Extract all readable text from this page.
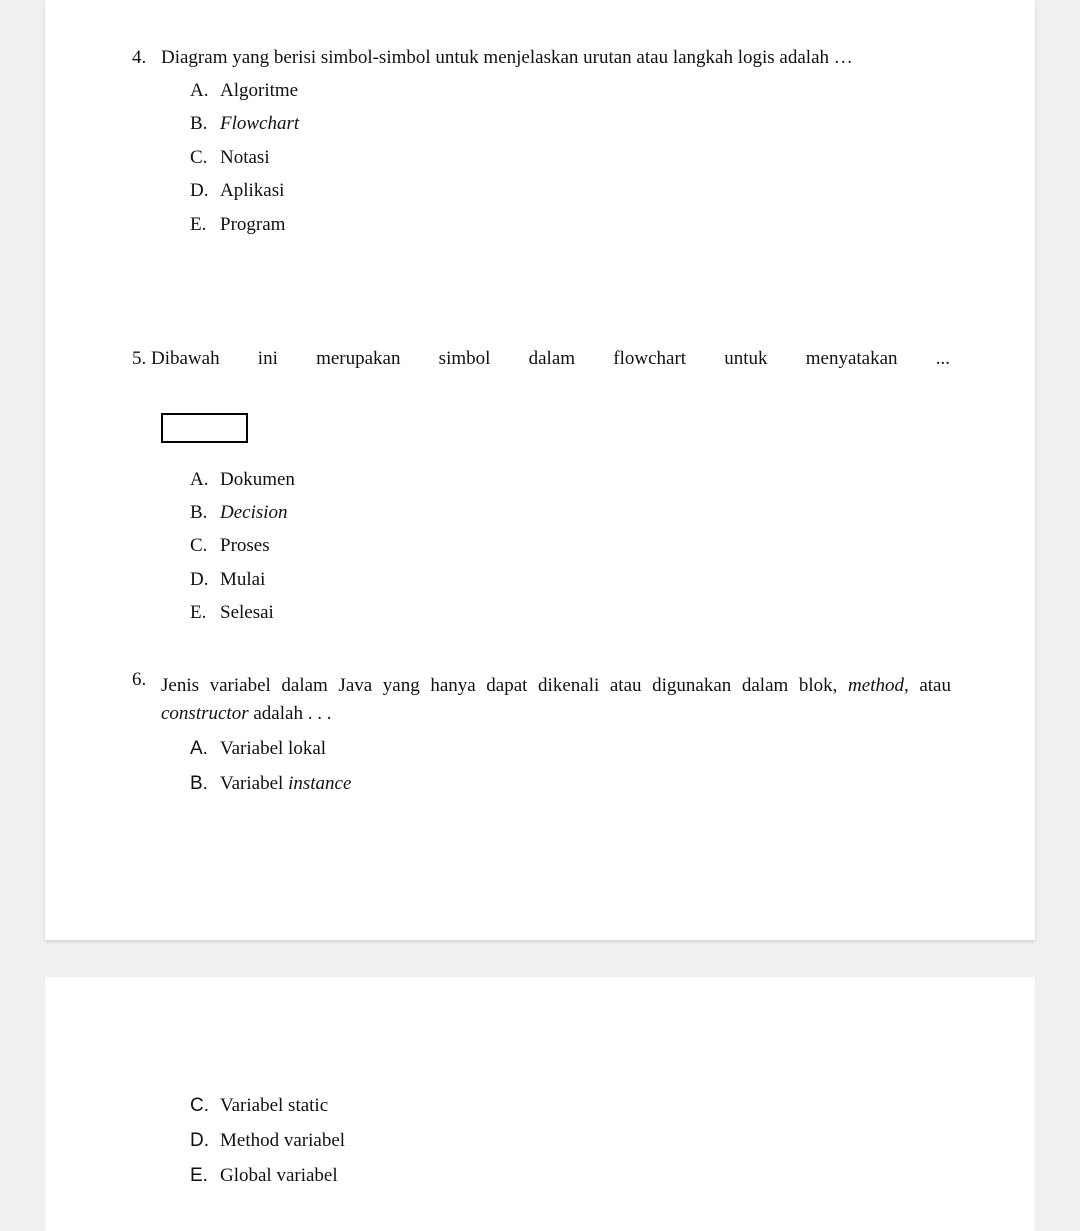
4. Diagram yang berisi simbol-simbol untuk menjelaskan urutan atau langkah logis adalah …
A. Algoritme
B. Flowchart
C. Notasi
D. Aplikasi
E. Program
5. Dibawah ini merupakan simbol dalam flowchart untuk menyatakan ...
A. Dokumen
B. Decision
C. Proses
D. Mulai
E. Selesai
6. Jenis variabel dalam Java yang hanya dapat dikenali atau digunakan dalam blok, method, atau
constructor adalah . . .
A. Variabel lokal
B. Variabel instance
C. Variabel static
D. Method variabel
E. Global variabel
